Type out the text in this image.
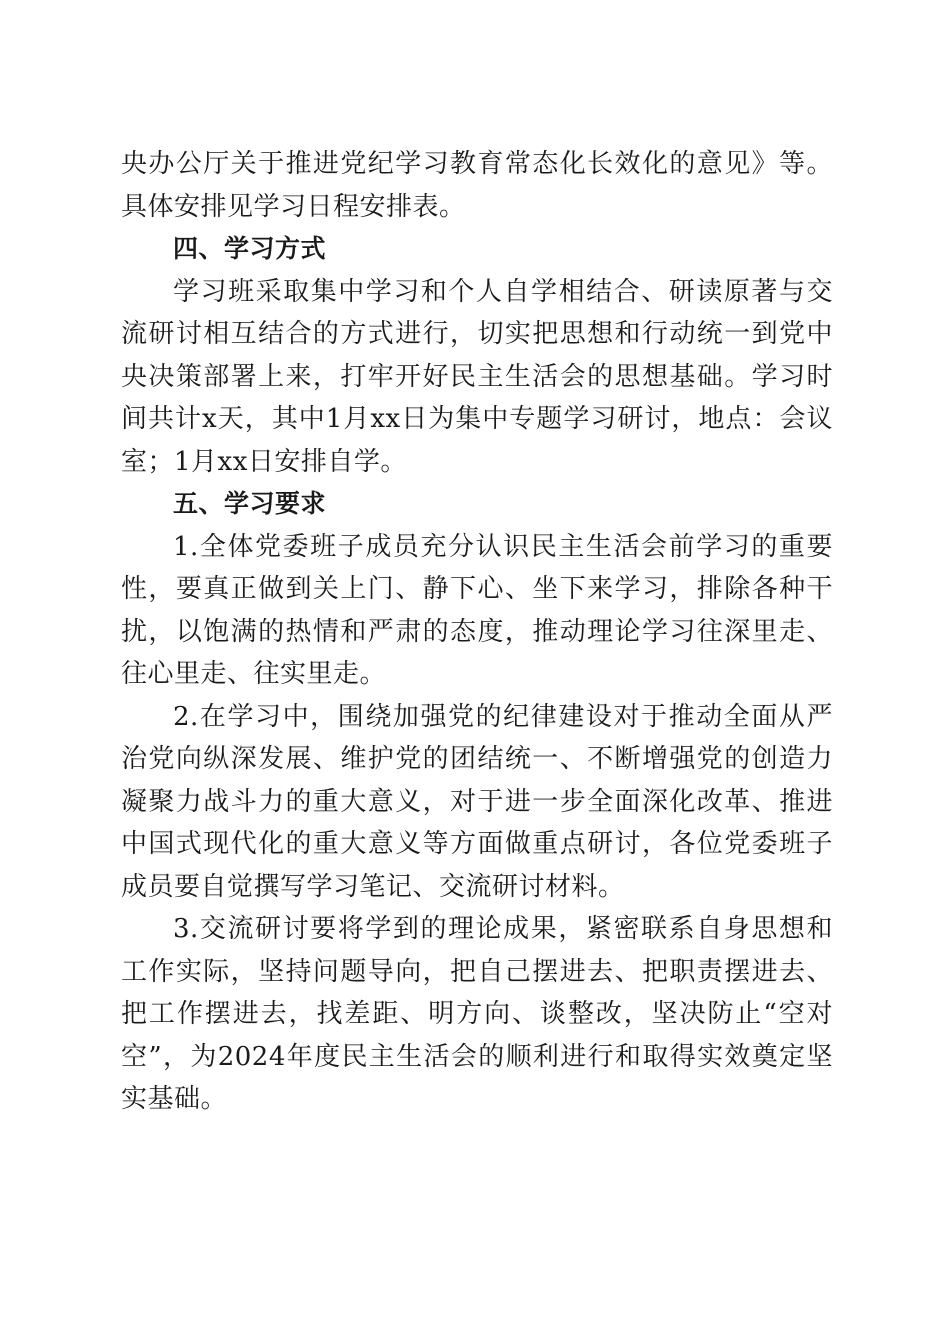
央办公厅关于推进党纪学习教育常态化长效化的意见》等。具体安排见学习日程安排表。

四、学习方式

学习班采取集中学习和个人自学相结合、研读原著与交流研讨相互结合的方式进行，切实把思想和行动统一到党中央决策部署上来，打牢开好民主生活会的思想基础。学习时间共计x天，其中1月xx日为集中专题学习研讨，地点：会议室；1月xx日安排自学。

五、学习要求

1.全体党委班子成员充分认识民主生活会前学习的重要性，要真正做到关上门、静下心、坐下来学习，排除各种干扰，以饱满的热情和严肃的态度，推动理论学习往深里走、往心里走、往实里走。

2.在学习中，围绕加强党的纪律建设对于推动全面从严治党向纵深发展、维护党的团结统一、不断增强党的创造力凝聚力战斗力的重大意义，对于进一步全面深化改革、推进中国式现代化的重大意义等方面做重点研讨，各位党委班子成员要自觉撰写学习笔记、交流研讨材料。

3.交流研讨要将学到的理论成果，紧密联系自身思想和工作实际，坚持问题导向，把自己摆进去、把职责摆进去、把工作摆进去，找差距、明方向、谈整改，坚决防止“空对空”，为2024年度民主生活会的顺利进行和取得实效奠定坚实基础。
